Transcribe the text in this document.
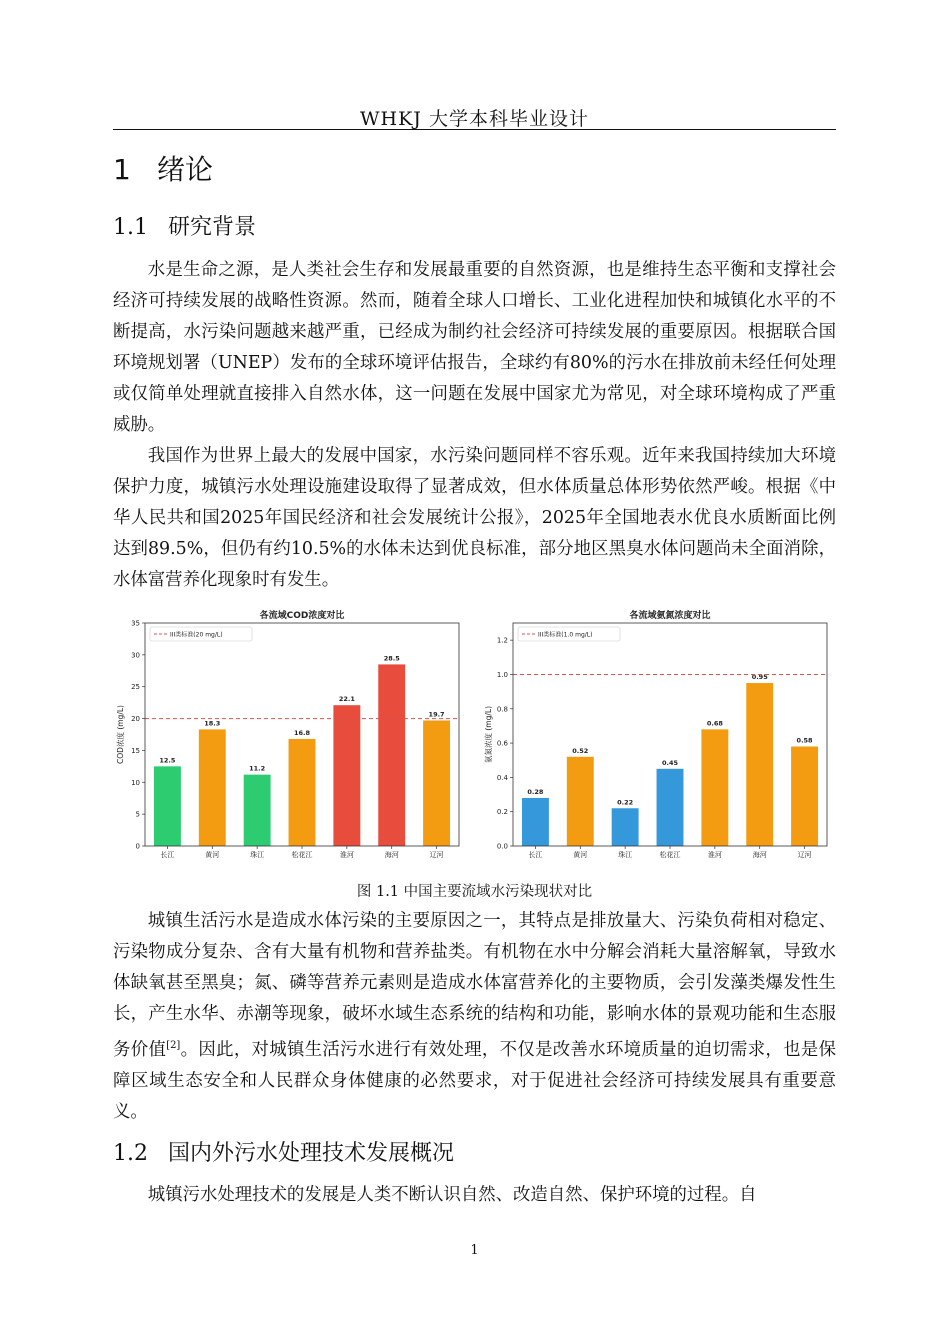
WHKJ 大学本科毕业设计
1 绪论
1.1 研究背景

水是生命之源，是人类社会生存和发展最重要的自然资源，也是维持生态平衡和支撑社会经济可持续发展的战略性资源。然而，随着全球人口增长、工业化进程加快和城镇化水平的不断提高，水污染问题越来越严重，已经成为制约社会经济可持续发展的重要原因。根据联合国环境规划署（UNEP）发布的全球环境评估报告，全球约有80%的污水在排放前未经任何处理或仅简单处理就直接排入自然水体，这一问题在发展中国家尤为常见，对全球环境构成了严重威胁。

我国作为世界上最大的发展中国家，水污染问题同样不容乐观。近年来我国持续加大环境保护力度，城镇污水处理设施建设取得了显著成效，但水体质量总体形势依然严峻。根据《中华人民共和国2025年国民经济和社会发展统计公报》，2025年全国地表水优良水质断面比例达到89.5%，但仍有约10.5%的水体未达到优良标准，部分地区黑臭水体问题尚未全面消除，水体富营养化现象时有发生。

各流域COD浓度对比
0
5
10
15
20
25
30
35
COD浓度 (mg/L)	12.5
长江
18.3
黄河
11.2
珠江
16.8
松花江
22.1
淮河
28.5
海河
19.7
辽河
III类标准(20 mg/L)
各流域氨氮浓度对比
0.0
0.2
0.4
0.6
0.8
1.0
1.2
氨氮浓度 (mg/L)
0.28
长江
0.52
黄河
0.22
珠江
0.45
松花江
0.68
淮河
0.95
海河
0.58
辽河
III类标准(1.0 mg/L)
图 1.1 中国主要流域水污染现状对比

城镇生活污水是造成水体污染的主要原因之一，其特点是排放量大、污染负荷相对稳定、污染物成分复杂、含有大量有机物和营养盐类。有机物在水中分解会消耗大量溶解氧，导致水体缺氧甚至黑臭；氮、磷等营养元素则是造成水体富营养化的主要物质，会引发藻类爆发性生长，产生水华、赤潮等现象，破坏水域生态系统的结构和功能，影响水体的景观功能和生态服务价值[2]。因此，对城镇生活污水进行有效处理，不仅是改善水环境质量的迫切需求，也是保障区域生态安全和人民群众身体健康的必然要求，对于促进社会经济可持续发展具有重要意义。

1.2 国内外污水处理技术发展概况

城镇污水处理技术的发展是人类不断认识自然、改造自然、保护环境的过程。自

1
